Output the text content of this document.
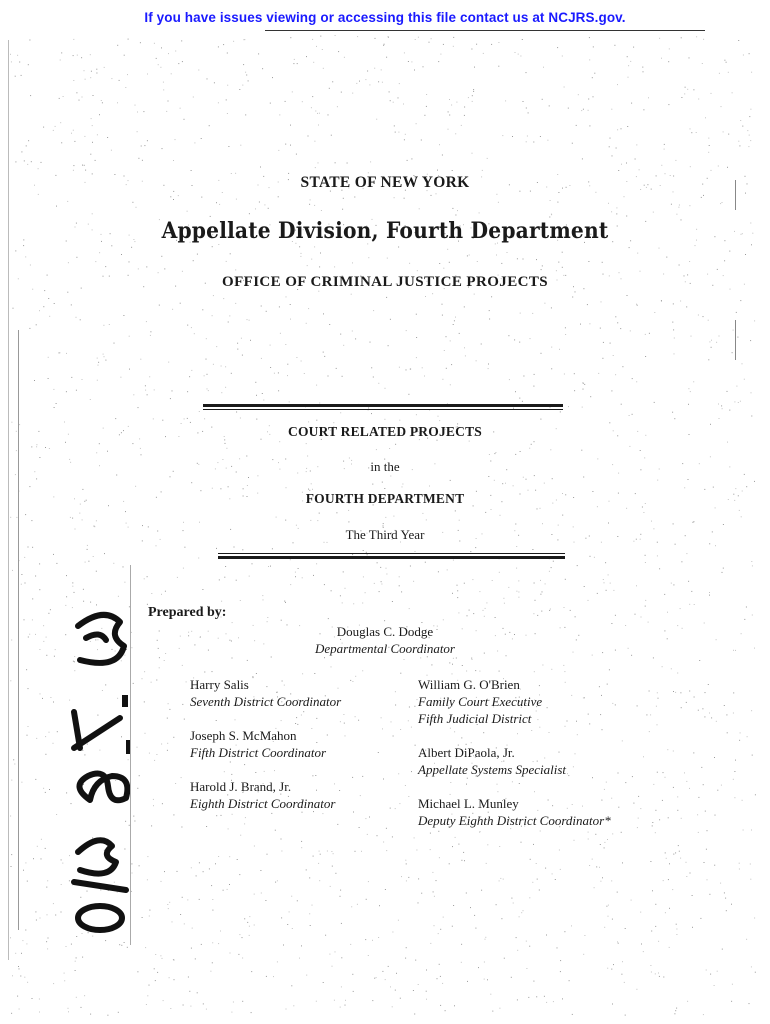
If you have issues viewing or accessing this file contact us at NCJRS.gov.
STATE OF NEW YORK
Appellate Division, Fourth Department
OFFICE OF CRIMINAL JUSTICE PROJECTS
COURT RELATED PROJECTS
in the
FOURTH DEPARTMENT
The Third Year
Prepared by:
Douglas C. Dodge
Departmental Coordinator
Harry Salis
Seventh District Coordinator
Joseph S. McMahon
Fifth District Coordinator
Harold J. Brand, Jr.
Eighth District Coordinator
William G. O'Brien
Family Court Executive
Fifth Judicial District
Albert DiPaola, Jr.
Appellate Systems Specialist
Michael L. Munley
Deputy Eighth District Coordinator*
